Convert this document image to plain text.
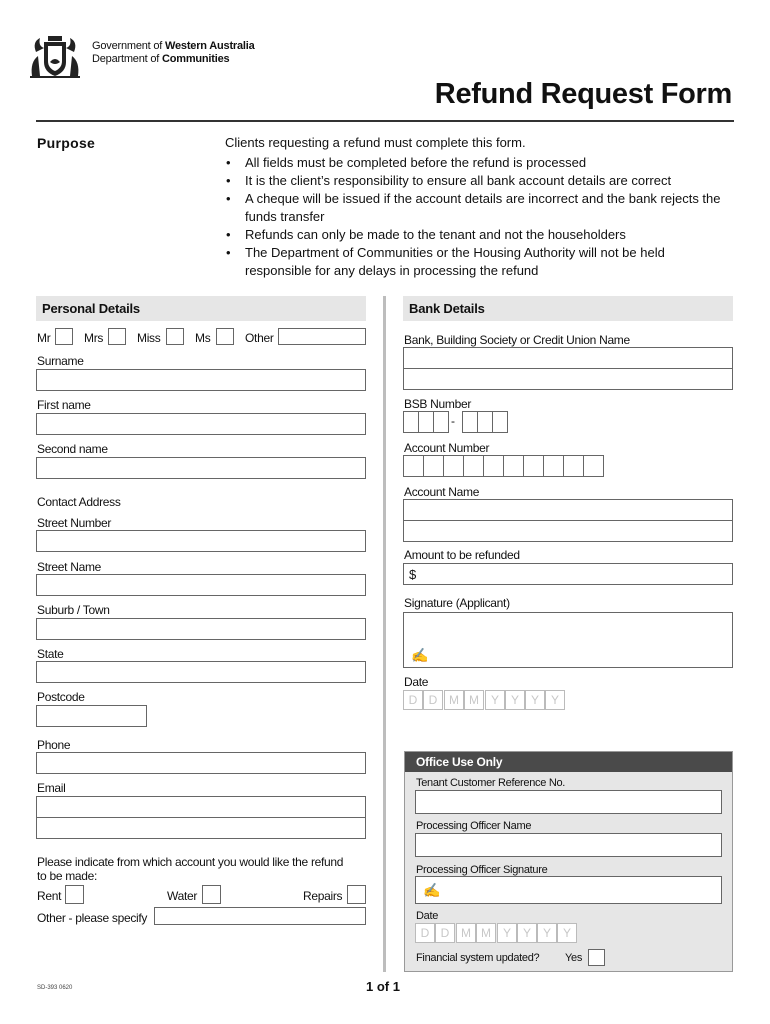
Government of Western Australia
Department of Communities
Refund Request Form
Purpose	Clients requesting a refund must complete this form.
• All fields must be completed before the refund is processed
• It is the client’s responsibility to ensure all bank account details are correct
• A cheque will be issued if the account details are incorrect and the bank rejects the funds transfer
• Refunds can only be made to the tenant and not the householders
• The Department of Communities or the Housing Authority will not be held responsible for any delays in processing the refund
Personal Details	Bank Details
Mr	Mrs	Miss	Ms	Other
Surname
First name
Second name
Contact Address
Street Number
Street Name
Suburb / Town
State
Postcode
Phone
Email
Please indicate from which account you would like the refund
to be made:
Rent	Water	Repairs
Other - please specify
Bank, Building Society or Credit Union Name
BSB Number
-
Account Number
Account Name
Amount to be refunded
$
Signature (Applicant)
✍
Date
D D M M Y Y Y Y
Office Use Only
Tenant Customer Reference No.
Processing Officer Name
Processing Officer Signature
✍
Date
D D M M Y Y Y Y
Financial system updated? Yes
SD-393 0620	1 of 1
